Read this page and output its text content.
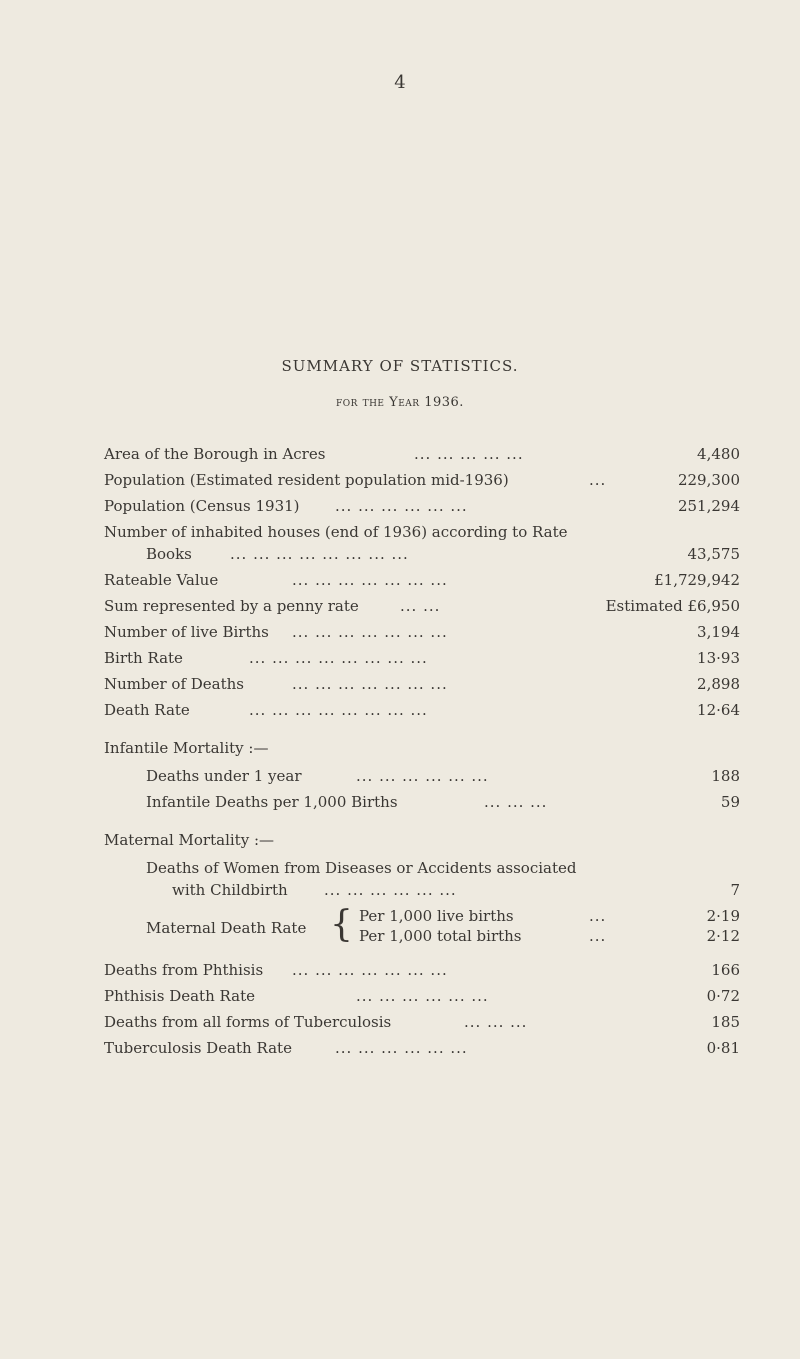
4
SUMMARY OF STATISTICS.
for the Year 1936.
Area of the Borough in Acres	... ... ... ... ...	4,480
Population (Estimated resident population mid-1936)	...	229,300
Population (Census 1931) ... ... ... ... ... ...	251,294
Number of inhabited houses (end of 1936) according to Rate
Books	... ... ... ... ... ... ... ...	43,575
Rateable Value	... ... ... ... ... ... ...	£1,729,942
Sum represented by a penny rate	... ...	Estimated £6,950
Number of live Births ... ... ... ... ... ... ...	3,194
Birth Rate	... ... ... ... ... ... ... ...	13·93
Number of Deaths	... ... ... ... ... ... ...	2,898
Death Rate	... ... ... ... ... ... ... ...	12·64
Infantile Mortality :—
Deaths under 1 year	... ... ... ... ... ...	188
Infantile Deaths per 1,000 Births	... ... ...	59
Maternal Mortality :—
Deaths of Women from Diseases or Accidents associated
with Childbirth ... ... ... ... ... ...	7
Maternal Death Rate { Per 1,000 live births	...	2·19
Per 1,000 total births	...	2·12
Deaths from Phthisis ... ... ... ... ... ... ...	166
Phthisis Death Rate	... ... ... ... ... ...	0·72
Deaths from all forms of Tuberculosis	... ... ...	185
Tuberculosis Death Rate	... ... ... ... ... ...	0·81
